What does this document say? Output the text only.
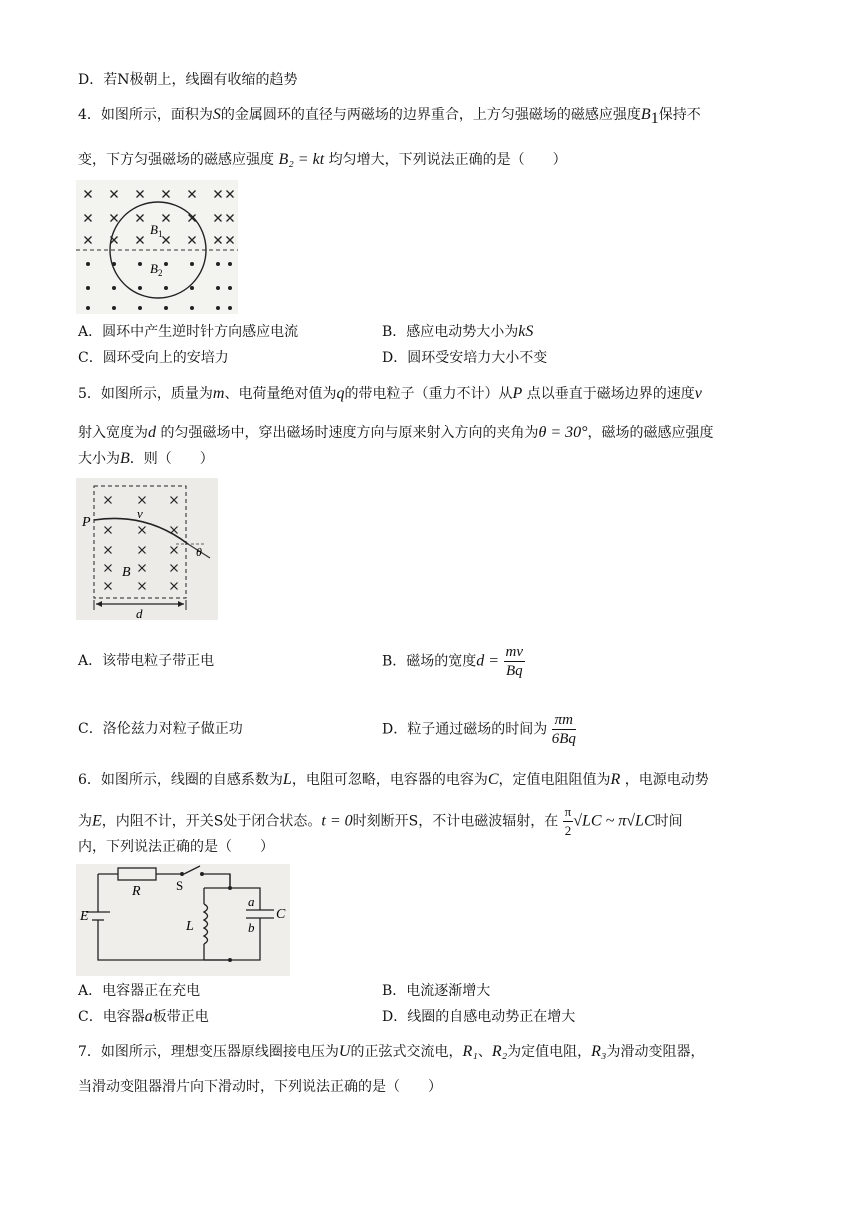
D．若N极朝上，线圈有收缩的趋势
4．如图所示，面积为S的金属圆环的直径与两磁场的边界重合，上方匀强磁场的磁感应强度$B_1$保持不
变，下方匀强磁场的磁感应强度 B₂ = kt 均匀增大，下列说法正确的是（　　）
$B_1$
$B_2$
A．圆环中产生逆时针方向感应电流	B．感应电动势大小为kS
C．圆环受向上的安培力	D．圆环受安培力大小不变
5．如图所示，质量为m、电荷量绝对值为q的带电粒子（重力不计）从P 点以垂直于磁场边界的速度v
射入宽度为d 的匀强磁场中，穿出磁场时速度方向与原来射入方向的夹角为θ = 30°，磁场的磁感应强度
大小为B．则（　　）
P
v
B
θ
d
A．该带电粒子带正电	B．磁场的宽度$d = \frac{mv}{Bq}$
C．洛伦兹力对粒子做正功	D．粒子通过磁场的时间为 $\frac{\pi m}{6Bq}$
6．如图所示，线圈的自感系数为L，电阻可忽略，电容器的电容为C，定值电阻阻值为R ，电源电动势
为E，内阻不计，开关S处于闭合状态。t = 0时刻断开S，不计电磁波辐射，在 $\frac{\pi}{2} √LC$ ~ π√LC时间
内，下列说法正确的是（　　）
R	S
E
L
a
b
C
A．电容器正在充电	B．电流逐渐增大
C．电容器a板带正电	D．线圈的自感电动势正在增大
7．如图所示，理想变压器原线圈接电压为U的正弦式交流电，R₁、R₂为定值电阻，R₃为滑动变阻器，
当滑动变阻器滑片向下滑动时，下列说法正确的是（　　）
